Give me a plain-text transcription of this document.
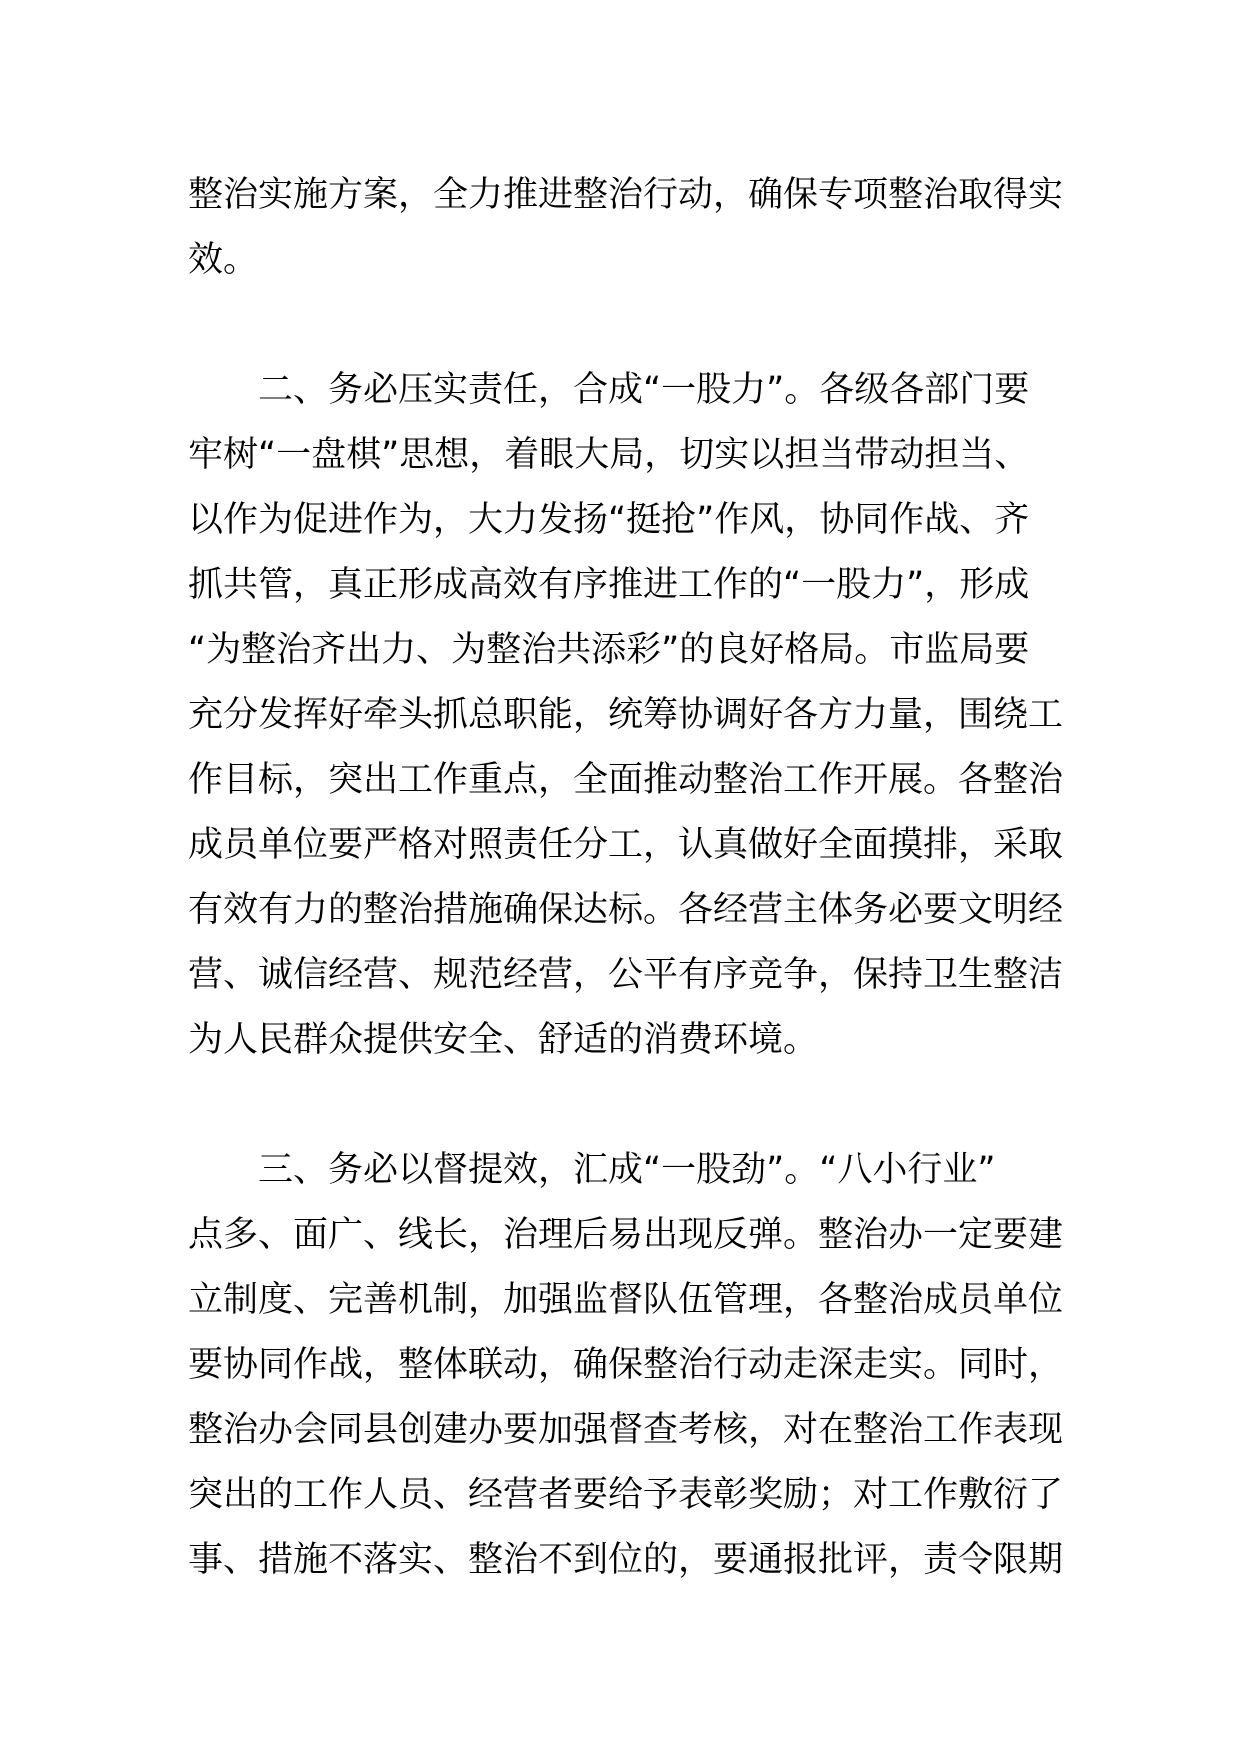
整治实施方案，全力推进整治行动，确保专项整治取得实
效。
　　二、务必压实责任，合成“一股力”。各级各部门要
牢树“一盘棋”思想，着眼大局，切实以担当带动担当、
以作为促进作为，大力发扬“挺抢”作风，协同作战、齐
抓共管，真正形成高效有序推进工作的“一股力”，形成
“为整治齐出力、为整治共添彩”的良好格局。市监局要
充分发挥好牵头抓总职能，统筹协调好各方力量，围绕工
作目标，突出工作重点，全面推动整治工作开展。各整治
成员单位要严格对照责任分工，认真做好全面摸排，采取
有效有力的整治措施确保达标。各经营主体务必要文明经
营、诚信经营、规范经营，公平有序竞争，保持卫生整洁
为人民群众提供安全、舒适的消费环境。
　　三、务必以督提效，汇成“一股劲”。“八小行业”
点多、面广、线长，治理后易出现反弹。整治办一定要建
立制度、完善机制，加强监督队伍管理，各整治成员单位
要协同作战，整体联动，确保整治行动走深走实。同时，
整治办会同县创建办要加强督查考核，对在整治工作表现
突出的工作人员、经营者要给予表彰奖励；对工作敷衍了
事、措施不落实、整治不到位的，要通报批评，责令限期
